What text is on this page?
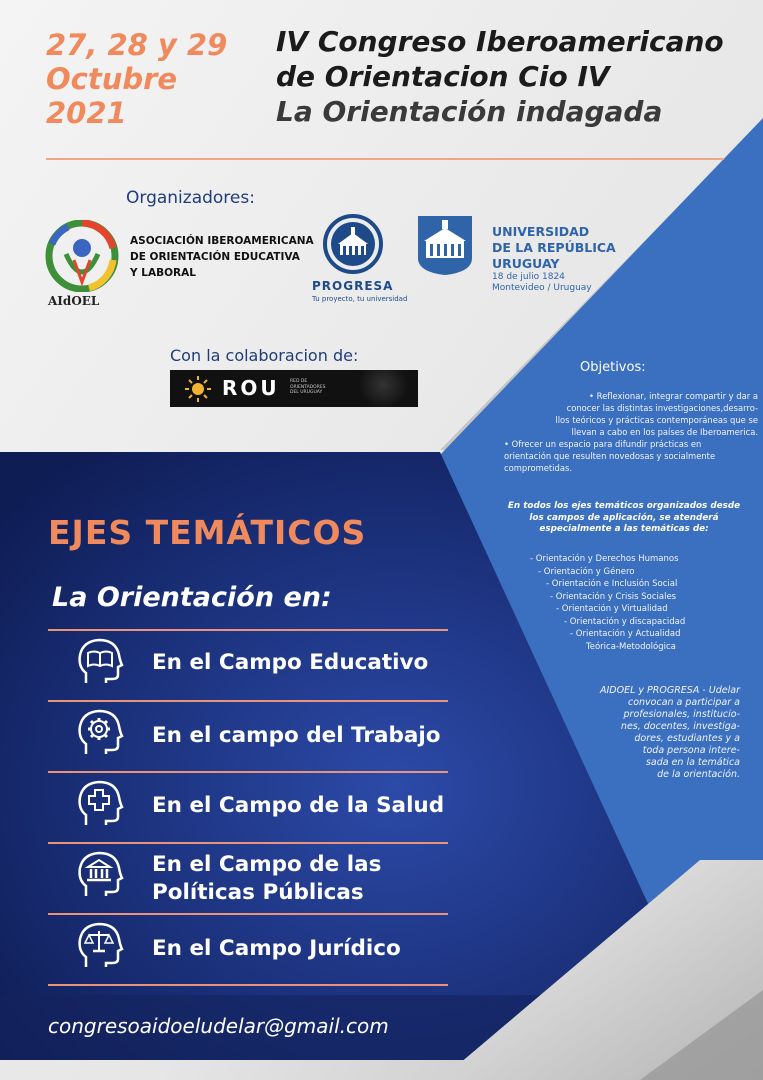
27, 28 y 29
Octubre
2021
IV Congreso Iberoamericano
de Orientacion Cio IV
La Orientación indagada
Organizadores:
AIdOEL
ASOCIACIÓN IBEROAMERICANA
DE ORIENTACIÓN EDUCATIVA
Y LABORAL
PROGRESA
Tu proyecto, tu universidad
UNIVERSIDAD
DE LA REPÚBLICA
URUGUAY
18 de julio 1824
Montevideo / Uruguay
Con la colaboracion de:
ROU RED DE
ORIENTADORES
DEL URUGUAY
Objetivos:
• Reflexionar, integrar compartir y dar a
conocer las distintas investigaciones,desarro-
llos teóricos y prácticas contemporáneas que se
llevan a cabo en los países de Iberoamerica.
• Ofrecer un espacio para difundir prácticas en
orientación que resulten novedosas y socialmente
comprometidas.
En todos los ejes temáticos organizados desde
los campos de aplicación, se atenderá
especialmente a las temáticas de:
- Orientación y Derechos Humanos
- Orientación y Género
- Orientación e Inclusión Social
- Orientación y Crisis Sociales
- Orientación y Virtualidad
- Orientación y discapacidad
- Orientación y Actualidad
Teórica-Metodológica
AIDOEL y PROGRESA - Udelar
convocan a participar a
profesionales, institucio-
nes, docentes, investiga-
dores, estudiantes y a
toda persona intere-
sada en la temática
de la orientación.
EJES TEMÁTICOS
La Orientación en:
En el Campo Educativo
En el campo del Trabajo
En el Campo de la Salud
En el Campo de las
Políticas Públicas
En el Campo Jurídico
congresoaidoeludelar@gmail.com
